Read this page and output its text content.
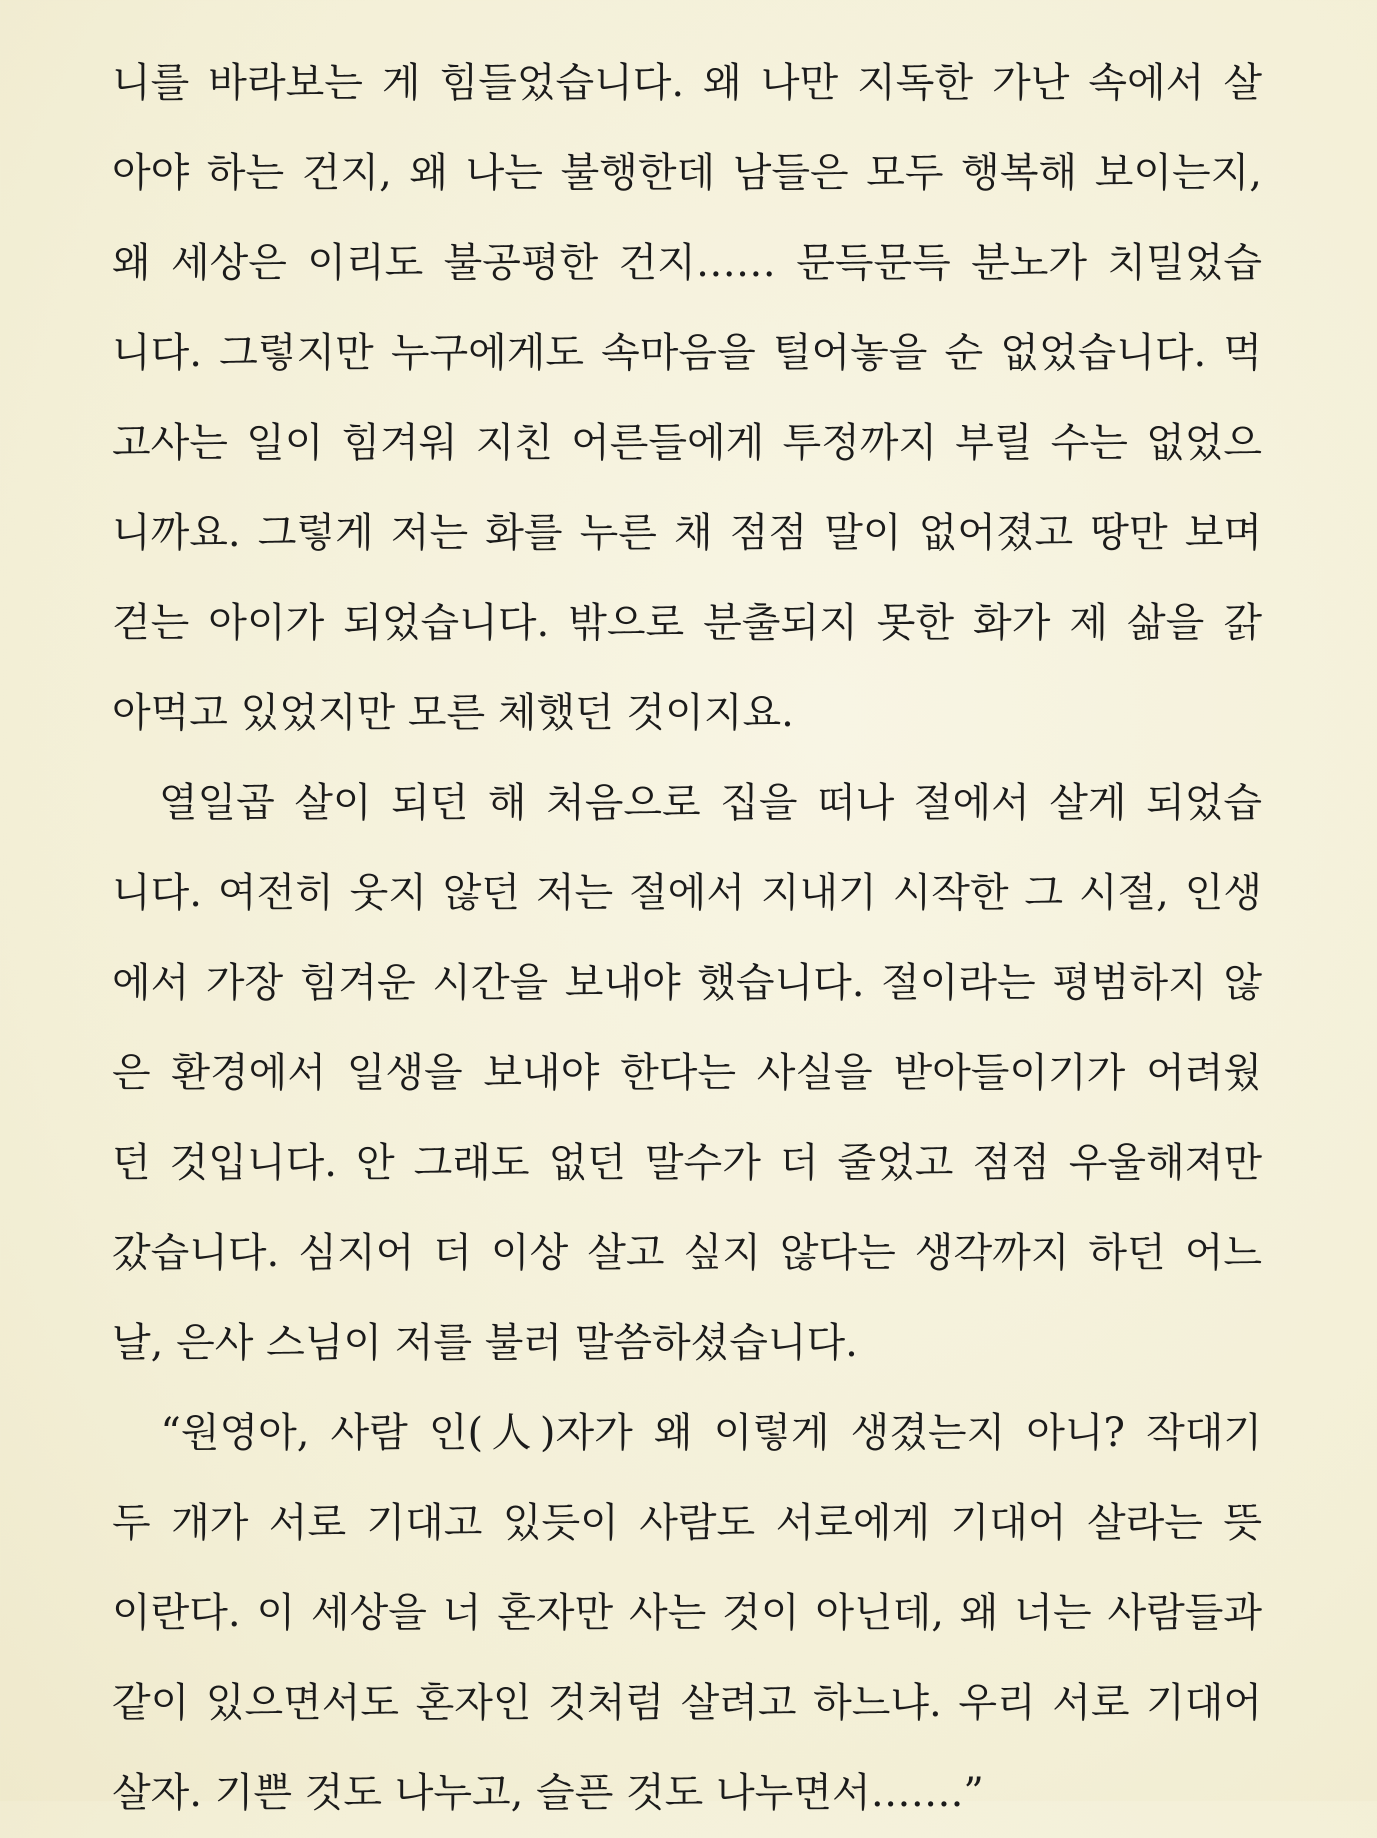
니를 바라보는 게 힘들었습니다. 왜 나만 지독한 가난 속에서 살
아야 하는 건지, 왜 나는 불행한데 남들은 모두 행복해 보이는지,
왜 세상은 이리도 불공평한 건지…… 문득문득 분노가 치밀었습
니다. 그렇지만 누구에게도 속마음을 털어놓을 순 없었습니다. 먹
고사는 일이 힘겨워 지친 어른들에게 투정까지 부릴 수는 없었으
니까요. 그렇게 저는 화를 누른 채 점점 말이 없어졌고 땅만 보며
걷는 아이가 되었습니다. 밖으로 분출되지 못한 화가 제 삶을 갉
아먹고 있었지만 모른 체했던 것이지요.
　열일곱 살이 되던 해 처음으로 집을 떠나 절에서 살게 되었습
니다. 여전히 웃지 않던 저는 절에서 지내기 시작한 그 시절, 인생
에서 가장 힘겨운 시간을 보내야 했습니다. 절이라는 평범하지 않
은 환경에서 일생을 보내야 한다는 사실을 받아들이기가 어려웠
던 것입니다. 안 그래도 없던 말수가 더 줄었고 점점 우울해져만
갔습니다. 심지어 더 이상 살고 싶지 않다는 생각까지 하던 어느
날, 은사 스님이 저를 불러 말씀하셨습니다.
　“원영아, 사람 인(人)자가 왜 이렇게 생겼는지 아니? 작대기
두 개가 서로 기대고 있듯이 사람도 서로에게 기대어 살라는 뜻
이란다. 이 세상을 너 혼자만 사는 것이 아닌데, 왜 너는 사람들과
같이 있으면서도 혼자인 것처럼 살려고 하느냐. 우리 서로 기대어
살자. 기쁜 것도 나누고, 슬픈 것도 나누면서…….”
